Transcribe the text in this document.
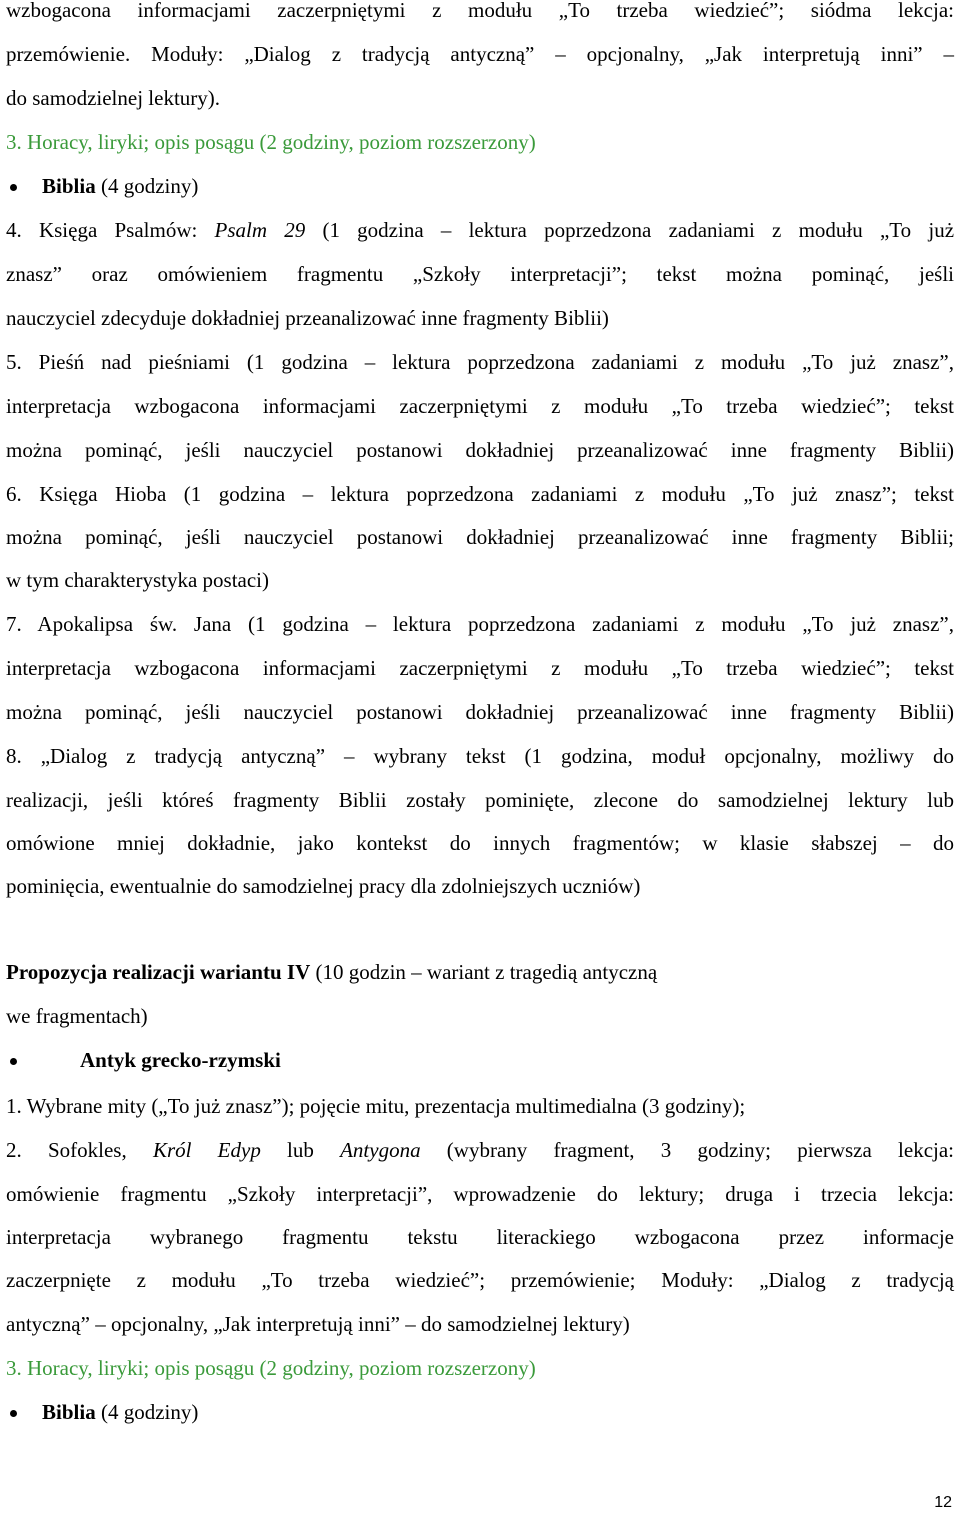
wzbogacona informacjami zaczerpniętymi z modułu „To trzeba wiedzieć”; siódma lekcja:
przemówienie. Moduły: „Dialog z tradycją antyczną” – opcjonalny, „Jak interpretują inni” –
do samodzielnej lektury).
3. Horacy, liryki; opis posągu (2 godziny, poziom rozszerzony)
Biblia (4 godziny)
4. Księga Psalmów: Psalm 29 (1 godzina – lektura poprzedzona zadaniami z modułu „To już
znasz” oraz omówieniem fragmentu „Szkoły interpretacji”; tekst można pominąć, jeśli
nauczyciel zdecyduje dokładniej przeanalizować inne fragmenty Biblii)
5. Pieśń nad pieśniami (1 godzina – lektura poprzedzona zadaniami z modułu „To już znasz”,
interpretacja wzbogacona informacjami zaczerpniętymi z modułu „To trzeba wiedzieć”; tekst
można pominąć, jeśli nauczyciel postanowi dokładniej przeanalizować inne fragmenty Biblii)
6. Księga Hioba (1 godzina – lektura poprzedzona zadaniami z modułu „To już znasz”; tekst
można pominąć, jeśli nauczyciel postanowi dokładniej przeanalizować inne fragmenty Biblii;
w tym charakterystyka postaci)
7. Apokalipsa św. Jana (1 godzina – lektura poprzedzona zadaniami z modułu „To już znasz”,
interpretacja wzbogacona informacjami zaczerpniętymi z modułu „To trzeba wiedzieć”; tekst
można pominąć, jeśli nauczyciel postanowi dokładniej przeanalizować inne fragmenty Biblii)
8. „Dialog z tradycją antyczną” – wybrany tekst (1 godzina, moduł opcjonalny, możliwy do
realizacji, jeśli któreś fragmenty Biblii zostały pominięte, zlecone do samodzielnej lektury lub
omówione mniej dokładnie, jako kontekst do innych fragmentów; w klasie słabszej – do
pominięcia, ewentualnie do samodzielnej pracy dla zdolniejszych uczniów)
Propozycja realizacji wariantu IV (10 godzin – wariant z tragedią antyczną
we fragmentach)
Antyk grecko-rzymski
1. Wybrane mity („To już znasz”); pojęcie mitu, prezentacja multimedialna (3 godziny);
2. Sofokles, Król Edyp lub Antygona (wybrany fragment, 3 godziny; pierwsza lekcja:
omówienie fragmentu „Szkoły interpretacji”, wprowadzenie do lektury; druga i trzecia lekcja:
interpretacja wybranego fragmentu tekstu literackiego wzbogacona przez informacje
zaczerpnięte z modułu „To trzeba wiedzieć”; przemówienie; Moduły: „Dialog z tradycją
antyczną” – opcjonalny, „Jak interpretują inni” – do samodzielnej lektury)
3. Horacy, liryki; opis posągu (2 godziny, poziom rozszerzony)
Biblia (4 godziny)
12
